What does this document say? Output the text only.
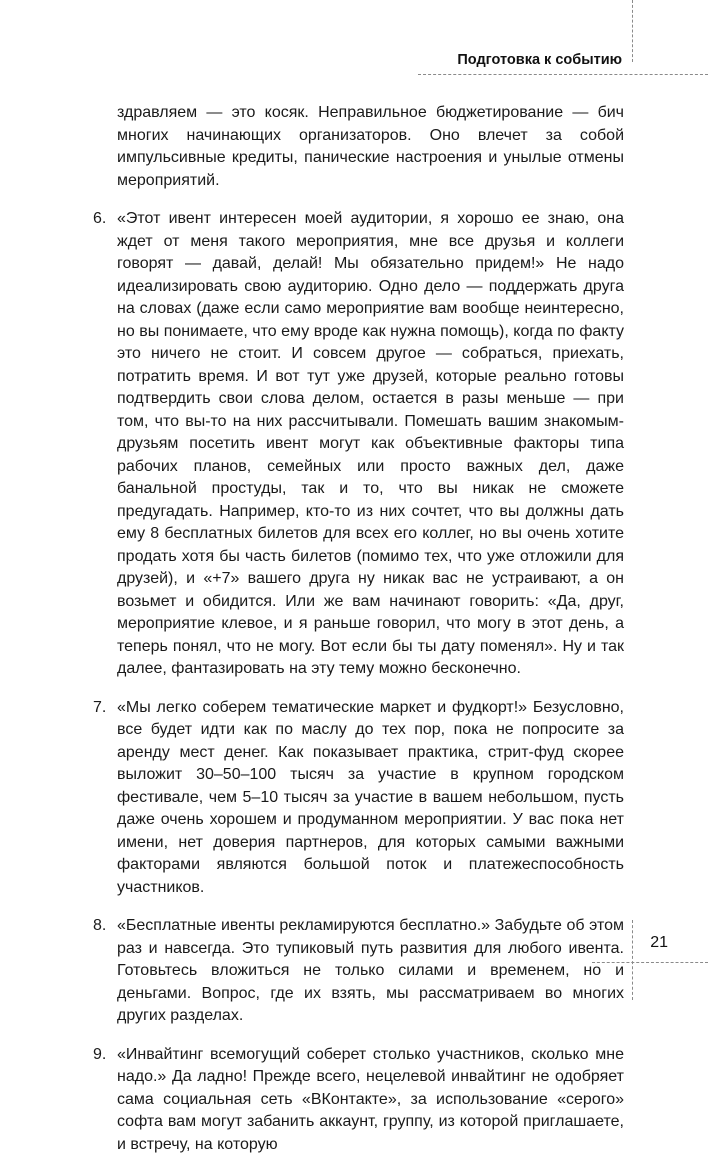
Подготовка к событию

здравляем — это косяк. Неправильное бюджетирование — бич многих начинающих организаторов. Оно влечет за собой импульсивные кредиты, панические настроения и унылые отмены мероприятий.

6. «Этот ивент интересен моей аудитории, я хорошо ее знаю, она ждет от меня такого мероприятия, мне все друзья и коллеги говорят — давай, делай! Мы обязательно придем!» Не надо идеализировать свою аудиторию. Одно дело — поддержать друга на словах (даже если само мероприятие вам вообще неинтересно, но вы понимаете, что ему вроде как нужна помощь), когда по факту это ничего не стоит. И совсем другое — собраться, приехать, потратить время. И вот тут уже друзей, которые реально готовы подтвердить свои слова делом, остается в разы меньше — при том, что вы-то на них рассчитывали. Помешать вашим знакомым-друзьям посетить ивент могут как объективные факторы типа рабочих планов, семейных или просто важных дел, даже банальной простуды, так и то, что вы никак не сможете предугадать. Например, кто-то из них сочтет, что вы должны дать ему 8 бесплатных билетов для всех его коллег, но вы очень хотите продать хотя бы часть билетов (помимо тех, что уже отложили для друзей), и «+7» вашего друга ну никак вас не устраивают, а он возьмет и обидится. Или же вам начинают говорить: «Да, друг, мероприятие клевое, и я раньше говорил, что могу в этот день, а теперь понял, что не могу. Вот если бы ты дату поменял». Ну и так далее, фантазировать на эту тему можно бесконечно.

7. «Мы легко соберем тематические маркет и фудкорт!» Безусловно, все будет идти как по маслу до тех пор, пока не попросите за аренду мест денег. Как показывает практика, стрит-фуд скорее выложит 30–50–100 тысяч за участие в крупном городском фестивале, чем 5–10 тысяч за участие в вашем небольшом, пусть даже очень хорошем и продуманном мероприятии. У вас пока нет имени, нет доверия партнеров, для которых самыми важными факторами являются большой поток и платежеспособность участников.

8. «Бесплатные ивенты рекламируются бесплатно.» Забудьте об этом раз и навсегда. Это тупиковый путь развития для любого ивента. Готовьтесь вложиться не только силами и временем, но и деньгами. Вопрос, где их взять, мы рассматриваем во многих других разделах.

9. «Инвайтинг всемогущий соберет столько участников, сколько мне надо.» Да ладно! Прежде всего, нецелевой инвайтинг не одобряет сама социальная сеть «ВКонтакте», за использование «серого» софта вам могут забанить аккаунт, группу, из которой приглашаете, и встречу, на которую

21
